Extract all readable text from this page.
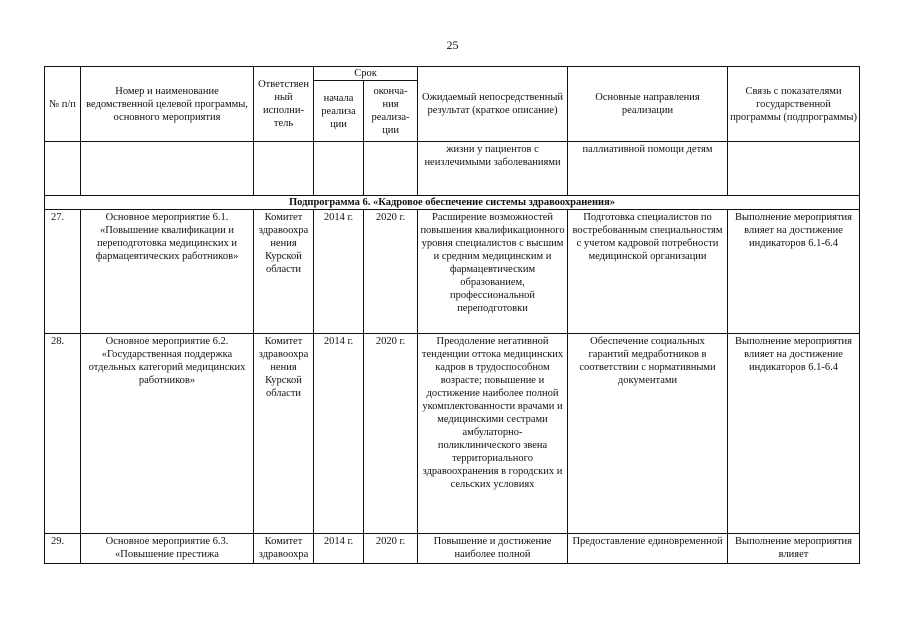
25
№ п/п	Номер и наименование ведомственной целевой программы, основного мероприятия	Ответствен ный исполни- тель	Срок		Ожидаемый непосредственный результат (краткое описание)	Основные направления реализации	Связь с показателями государственной программы (подпрограммы)
			начала реализа ции	оконча- ния реализа- ции			
					жизни у пациентов с неизлечимыми заболеваниями	паллиативной помощи детям	
Подпрограмма 6. «Кадровое обеспечение системы здравоохранения»							
27.	Основное мероприятие 6.1. «Повышение квалификации и переподготовка медицинских и фармацевтических работников»	Комитет здравоохра нения Курской области	2014 г.	2020 г.	Расширение возможностей повышения квалификационного уровня специалистов с высшим и средним медицинским и фармацевтическим образованием, профессиональной переподготовки	Подготовка специалистов по востребованным специальностям с учетом кадровой потребности медицинской организации	Выполнение мероприятия влияет на достижение индикаторов 6.1-6.4
28.	Основное мероприятие 6.2. «Государственная поддержка отдельных категорий медицинских работников»	Комитет здравоохра нения Курской области	2014 г.	2020 г.	Преодоление негативной тенденции оттока медицинских кадров в трудоспособном возрасте; повышение и достижение наиболее полной укомплектованности врачами и медицинскими сестрами амбулаторно- поликлинического звена территориального здравоохранения в городских и сельских условиях	Обеспечение социальных гарантий медработников в соответствии с нормативными документами	Выполнение мероприятия влияет на достижение индикаторов 6.1-6.4
29.	Основное мероприятие 6.3. «Повышение престижа	Комитет здравоохра	2014 г.	2020 г.	Повышение и достижение наиболее полной	Предоставление единовременной	Выполнение мероприятия влияет
